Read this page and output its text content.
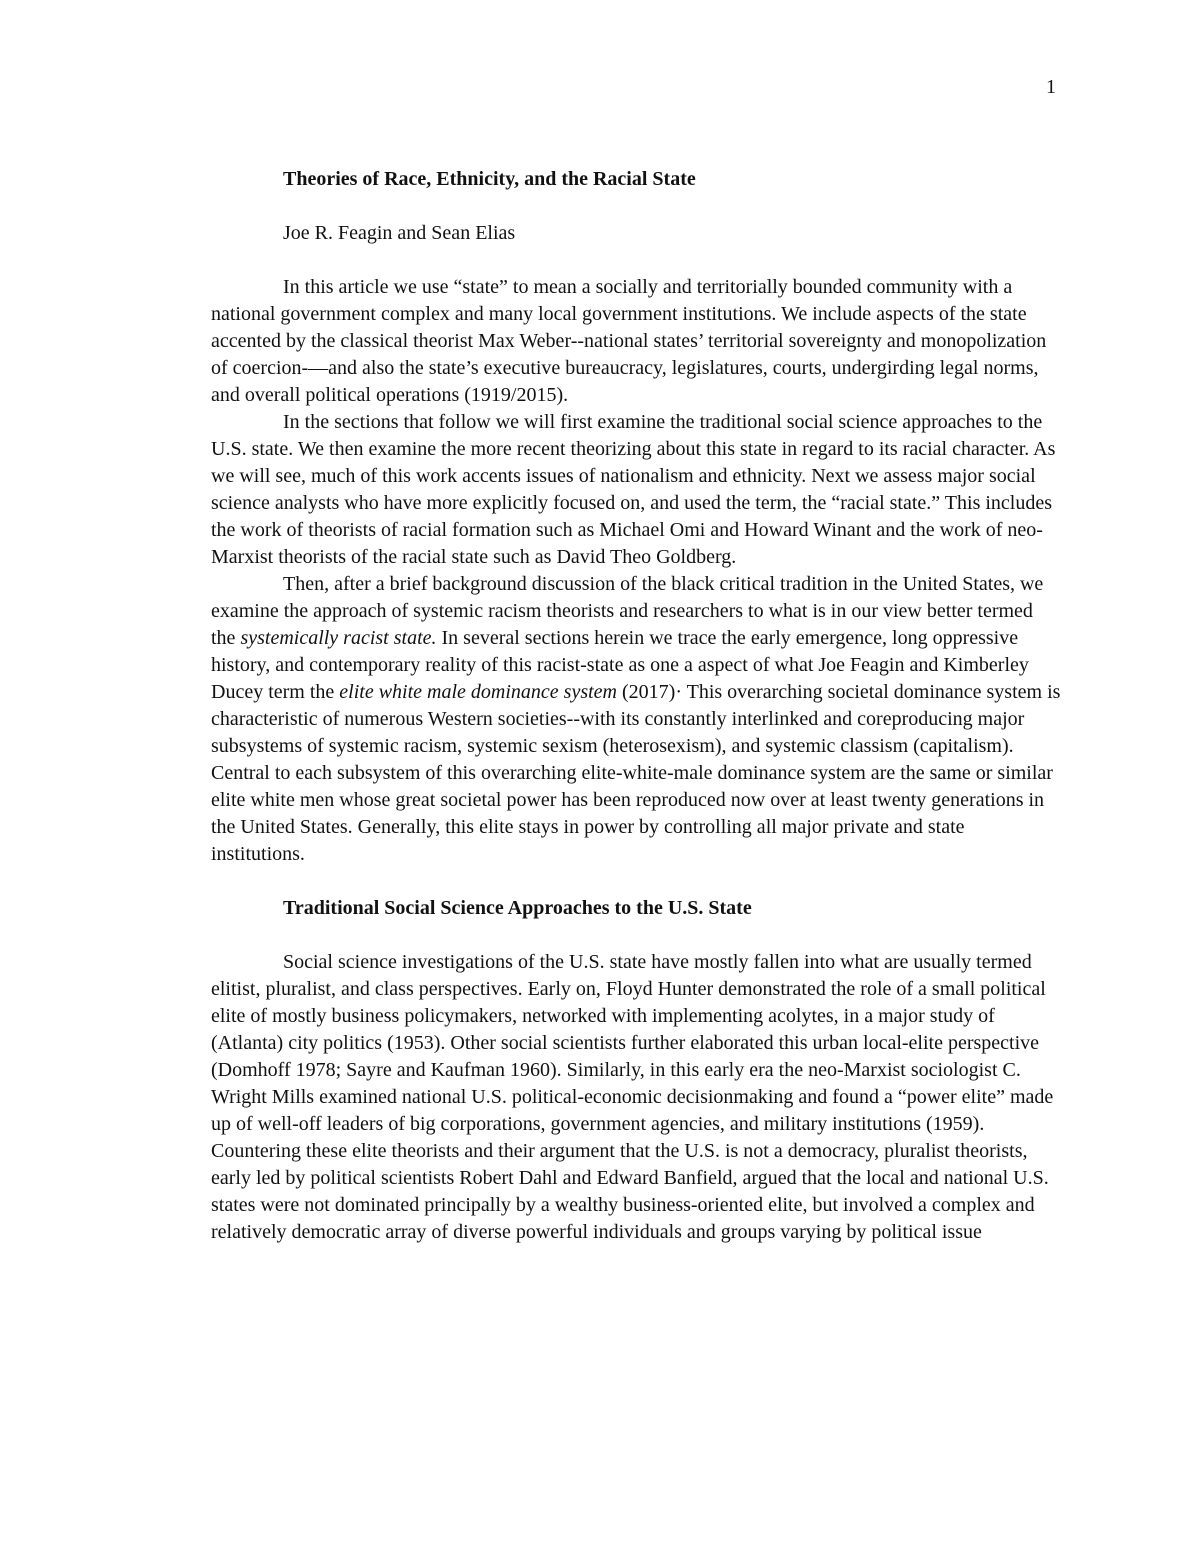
1

Theories of Race, Ethnicity, and the Racial State

Joe R. Feagin and Sean Elias

In this article we use “state” to mean a socially and territorially bounded community with a national government complex and many local government institutions. We include aspects of the state accented by the classical theorist Max Weber--national states’ territorial sovereignty and monopolization of coercion-—and also the state’s executive bureaucracy, legislatures, courts, undergirding legal norms, and overall political operations (1919/2015).

In the sections that follow we will first examine the traditional social science approaches to the U.S. state. We then examine the more recent theorizing about this state in regard to its racial character. As we will see, much of this work accents issues of nationalism and ethnicity. Next we assess major social science analysts who have more explicitly focused on, and used the term, the “racial state.” This includes the work of theorists of racial formation such as Michael Omi and Howard Winant and the work of neo-Marxist theorists of the racial state such as David Theo Goldberg.

Then, after a brief background discussion of the black critical tradition in the United States, we examine the approach of systemic racism theorists and researchers to what is in our view better termed the systemically racist state. In several sections herein we trace the early emergence, long oppressive history, and contemporary reality of this racist-state as one a aspect of what Joe Feagin and Kimberley Ducey term the elite white male dominance system (2017)· This overarching societal dominance system is characteristic of numerous Western societies--with its constantly interlinked and coreproducing major subsystems of systemic racism, systemic sexism (heterosexism), and systemic classism (capitalism). Central to each subsystem of this overarching elite-white-male dominance system are the same or similar elite white men whose great societal power has been reproduced now over at least twenty generations in the United States. Generally, this elite stays in power by controlling all major private and state institutions.

Traditional Social Science Approaches to the U.S. State

Social science investigations of the U.S. state have mostly fallen into what are usually termed elitist, pluralist, and class perspectives. Early on, Floyd Hunter demonstrated the role of a small political elite of mostly business policymakers, networked with implementing acolytes, in a major study of (Atlanta) city politics (1953). Other social scientists further elaborated this urban local-elite perspective (Domhoff 1978; Sayre and Kaufman 1960). Similarly, in this early era the neo-Marxist sociologist C. Wright Mills examined national U.S. political-economic decisionmaking and found a “power elite” made up of well-off leaders of big corporations, government agencies, and military institutions (1959). Countering these elite theorists and their argument that the U.S. is not a democracy, pluralist theorists, early led by political scientists Robert Dahl and Edward Banfield, argued that the local and national U.S. states were not dominated principally by a wealthy business-oriented elite, but involved a complex and relatively democratic array of diverse powerful individuals and groups varying by political issue
